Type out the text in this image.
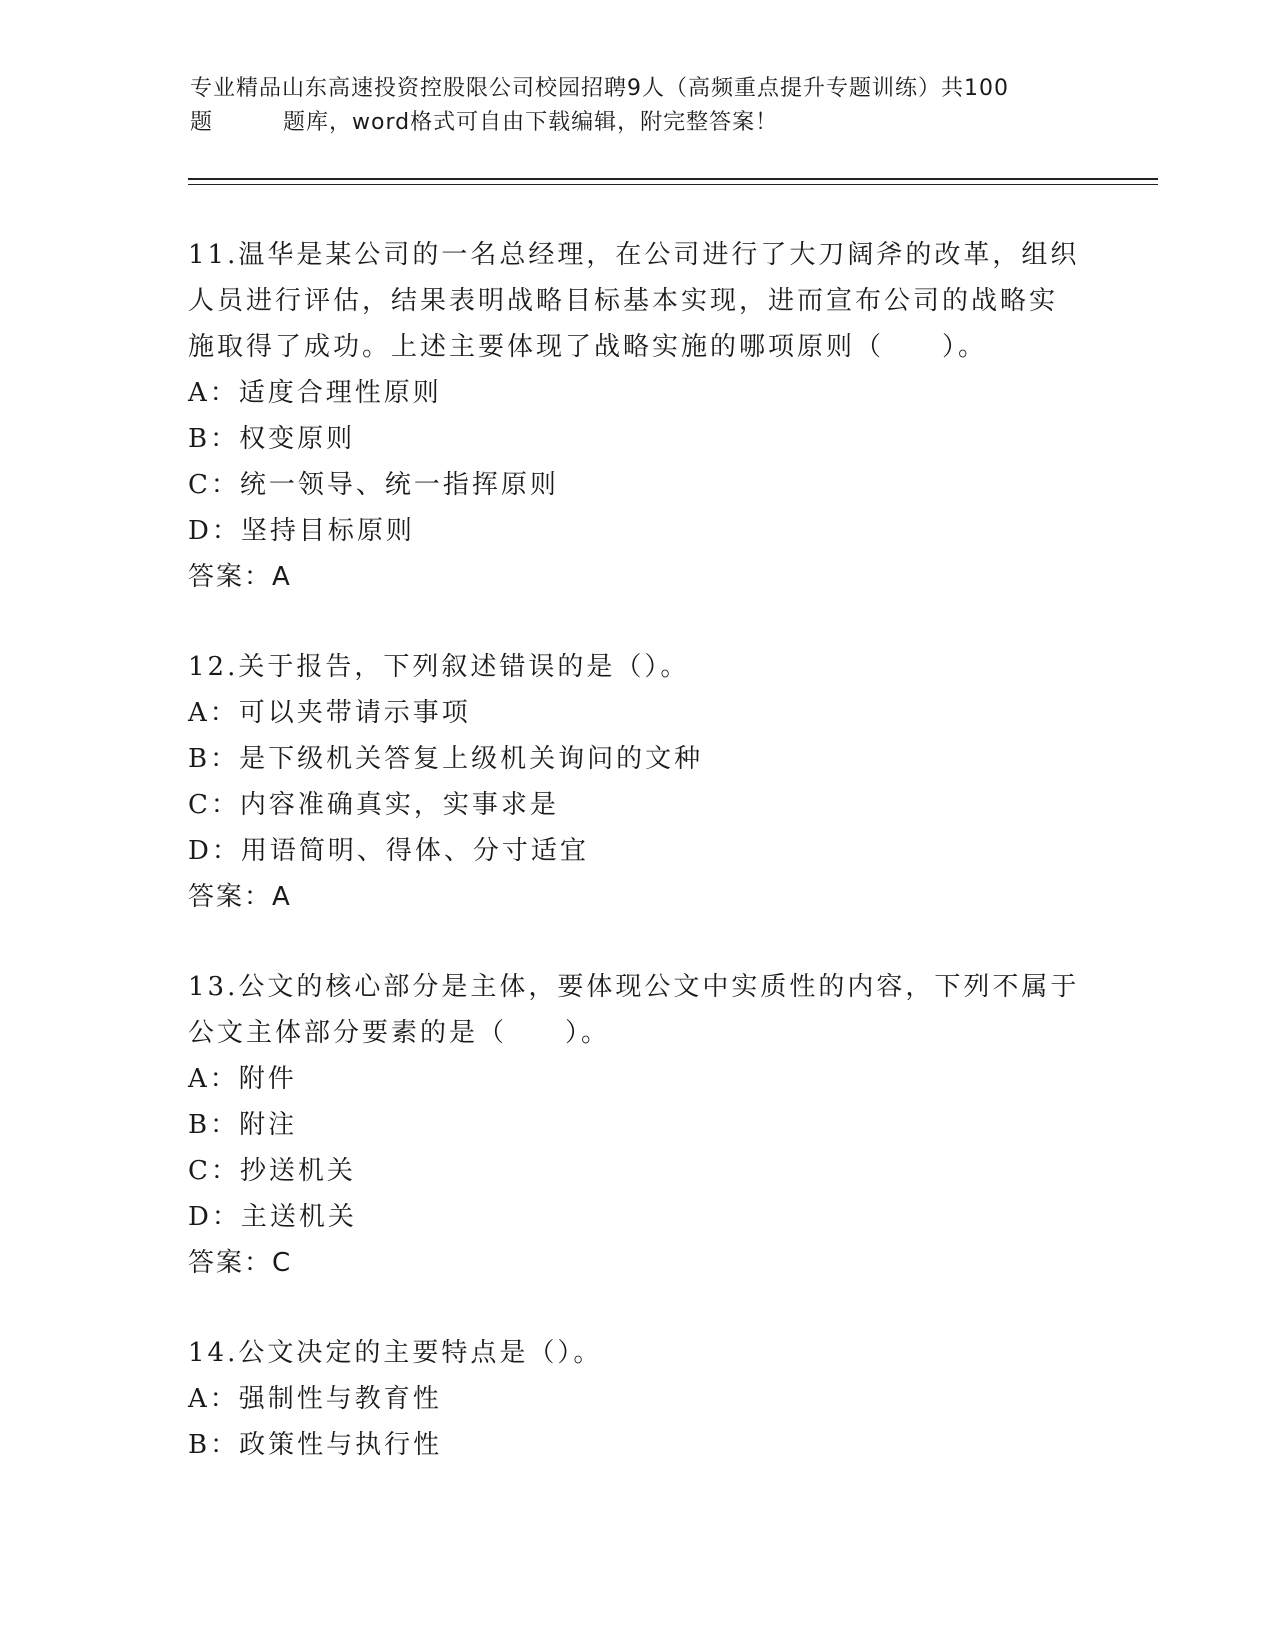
专业精品山东高速投资控股限公司校园招聘9人（高频重点提升专题训练）共100
题	题库，word格式可自由下载编辑，附完整答案！

11.温华是某公司的一名总经理，在公司进行了大刀阔斧的改革，组织

人员进行评估，结果表明战略目标基本实现，进而宣布公司的战略实

施取得了成功。上述主要体现了战略实施的哪项原则（　　）。

A：适度合理性原则

B：权变原则

C：统一领导、统一指挥原则

D：坚持目标原则

答案：A

12.关于报告，下列叙述错误的是（）。

A：可以夹带请示事项

B：是下级机关答复上级机关询问的文种

C：内容准确真实，实事求是

D：用语简明、得体、分寸适宜

答案：A

13.公文的核心部分是主体，要体现公文中实质性的内容，下列不属于

公文主体部分要素的是（　　）。

A：附件

B：附注

C：抄送机关

D：主送机关

答案：C

14.公文决定的主要特点是（）。

A：强制性与教育性

B：政策性与执行性
